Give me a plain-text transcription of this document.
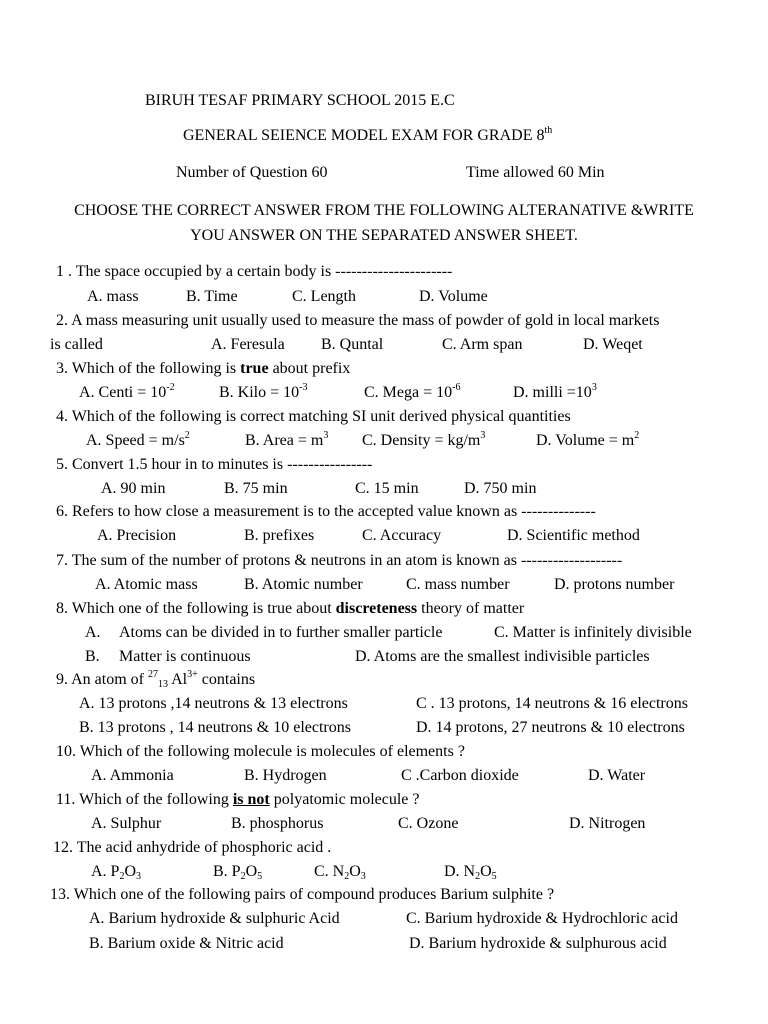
BIRUH TESAF PRIMARY SCHOOL 2015 E.C
GENERAL SEIENCE MODEL EXAM FOR GRADE 8th
Number of Question 60	Time allowed 60 Min
CHOOSE THE CORRECT ANSWER FROM THE FOLLOWING ALTERANATIVE &WRITE
YOU ANSWER ON THE SEPARATED ANSWER SHEET.
1 . The space occupied by a certain body is ----------------------
A. mass	B. Time	C. Length	D. Volume
2. A mass measuring unit usually used to measure the mass of powder of gold in local markets
is called	A. Feresula B. Quntal	C. Arm span	D. Weqet
3. Which of the following is true about prefix
A. Centi = $10^{-2}$	B. Kilo = $10^{-3}$	C. Mega = $10^{-6}$	D. milli $=10^3$
4. Which of the following is correct matching SI unit derived physical quantities
A. Speed = $m/s^2$	B. Area = $m^3$ C. Density = $kg/m^3$	D. Volume = $m^2$
5. Convert 1.5 hour in to minutes is ----------------
A. 90 min	B. 75 min	C. 15 min	D. 750 min
6. Refers to how close a measurement is to the accepted value known as --------------
A. Precision	B. prefixes	C. Accuracy	D. Scientific method
7. The sum of the number of protons & neutrons in an atom is known as -------------------
A. Atomic mass	B. Atomic number	C. mass number	D. protons number
8. Which one of the following is true about discreteness theory of matter
A. Atoms can be divided in to further smaller particle	C. Matter is infinitely divisible
B. Matter is continuous	D. Atoms are the smallest indivisible particles
9. An atom of $^{27}_{13}$ $Al^{3+}$ contains
A. 13 protons ,14 neutrons & 13 electrons	C . 13 protons, 14 neutrons & 16 electrons
B. 13 protons , 14 neutrons & 10 electrons	D. 14 protons, 27 neutrons & 10 electrons
10. Which of the following molecule is molecules of elements ?
A. Ammonia	B. Hydrogen	C .Carbon dioxide	D. Water
11. Which of the following is not polyatomic molecule ?
A. Sulphur	B. phosphorus	C. Ozone	D. Nitrogen
12. The acid anhydride of phosphoric acid .
A. $P_2O_3$	B. $P_2O_5$	C. $N_2O_3$	D. $N_2O_5$
13. Which one of the following pairs of compound produces Barium sulphite ?
A. Barium hydroxide & sulphuric Acid	C. Barium hydroxide & Hydrochloric acid
B. Barium oxide & Nitric acid	D. Barium hydroxide & sulphurous acid
